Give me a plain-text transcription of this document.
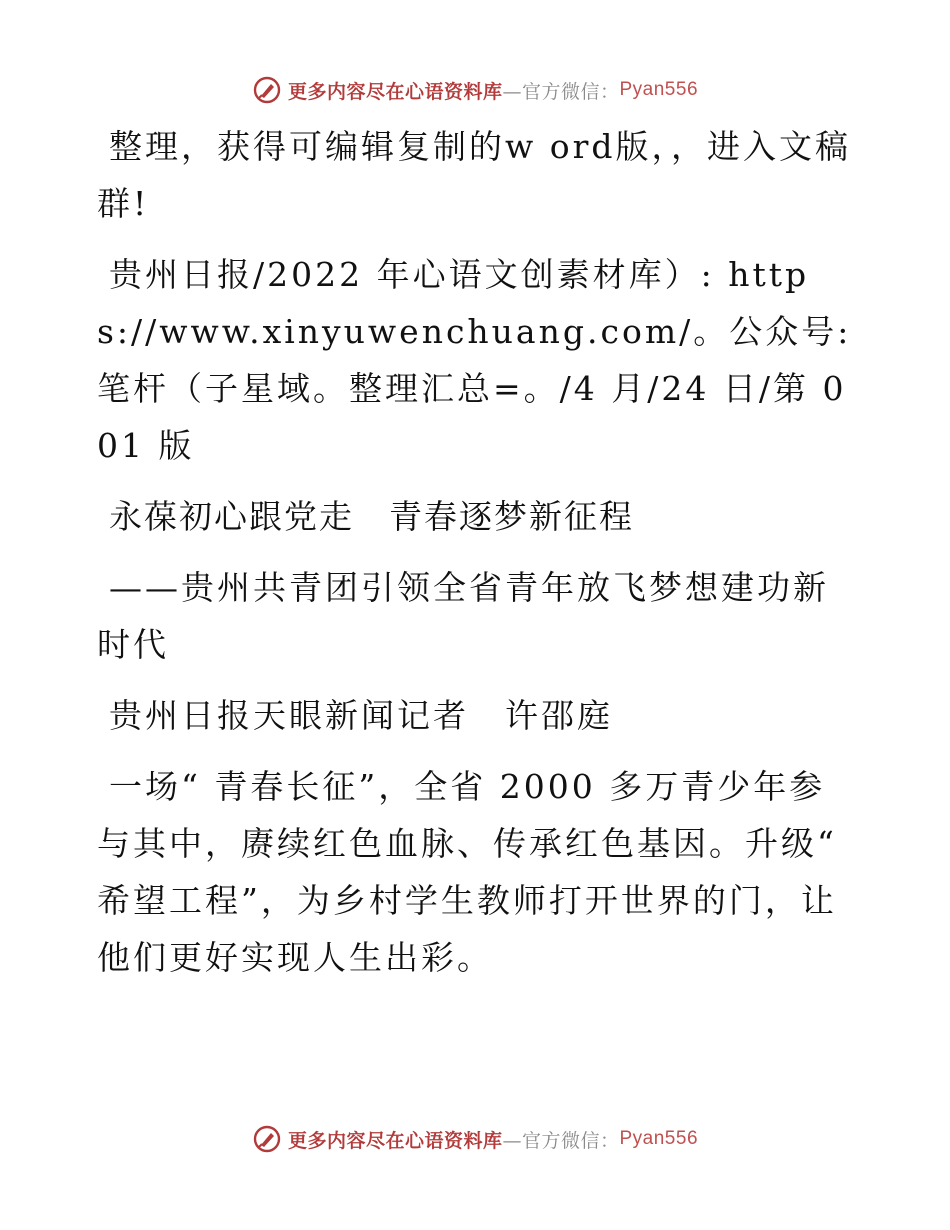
更多内容尽在心语资料库 —官方微信： Pyan556

整理，获得可编辑复制的w ord版，，进入文稿群!

贵州日报/2022 年心语文创素材库）: https://www.xinyuwenchuang.com/。公众号: 笔杆（子星域。整理汇总=。/4 月/24 日/第 001 版

永葆初心跟党走　青春逐梦新征程

——贵州共青团引领全省青年放飞梦想建功新时代

贵州日报天眼新闻记者　许邵庭

一场“ 青春长征”，全省 2000 多万青少年参与其中，赓续红色血脉、传承红色基因。升级“ 希望工程”，为乡村学生教师打开世界的门，让他们更好实现人生出彩。

更多内容尽在心语资料库 —官方微信： Pyan556
